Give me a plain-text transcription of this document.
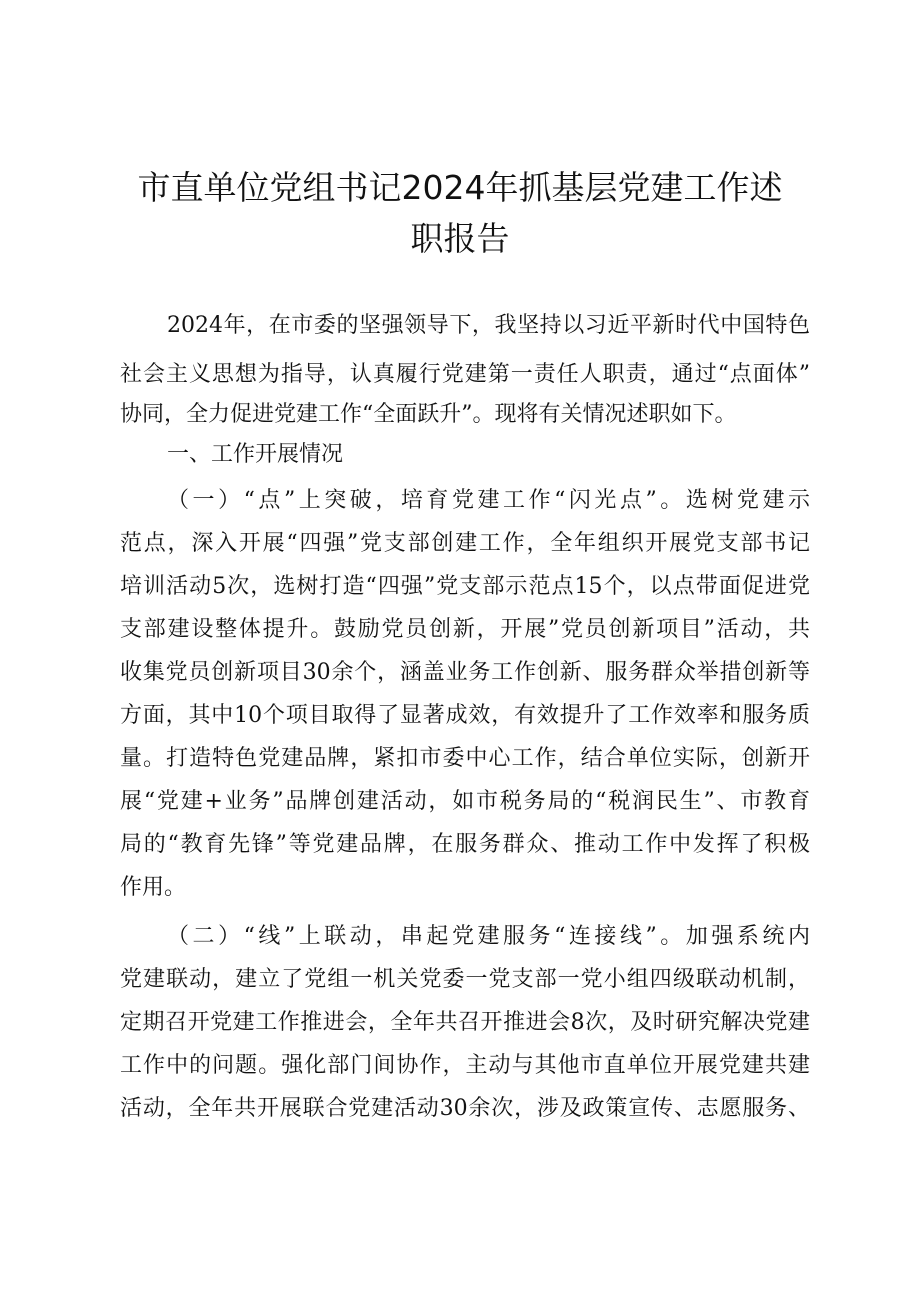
市直单位党组书记2024年抓基层党建工作述
职报告

2024年，在市委的坚强领导下，我坚持以习近平新时代中国特色

社会主义思想为指导，认真履行党建第一责任人职责，通过“点面体”

协同，全力促进党建工作“全面跃升”。现将有关情况述职如下。

一、工作开展情况

（一）“点”上突破，培育党建工作“闪光点”。选树党建示

范点，深入开展“四强”党支部创建工作，全年组织开展党支部书记

培训活动5次，选树打造“四强”党支部示范点15个，以点带面促进党

支部建设整体提升。鼓励党员创新，开展”党员创新项目”活动，共

收集党员创新项目30余个，涵盖业务工作创新、服务群众举措创新等

方面，其中10个项目取得了显著成效，有效提升了工作效率和服务质

量。打造特色党建品牌，紧扣市委中心工作，结合单位实际，创新开

展“党建+业务”品牌创建活动，如市税务局的“税润民生”、市教育

局的“教育先锋”等党建品牌，在服务群众、推动工作中发挥了积极

作用。

（二）“线”上联动，串起党建服务“连接线”。加强系统内

党建联动，建立了党组一机关党委一党支部一党小组四级联动机制，

定期召开党建工作推进会，全年共召开推进会8次，及时研究解决党建

工作中的问题。强化部门间协作，主动与其他市直单位开展党建共建

活动，全年共开展联合党建活动30余次，涉及政策宣传、志愿服务、
